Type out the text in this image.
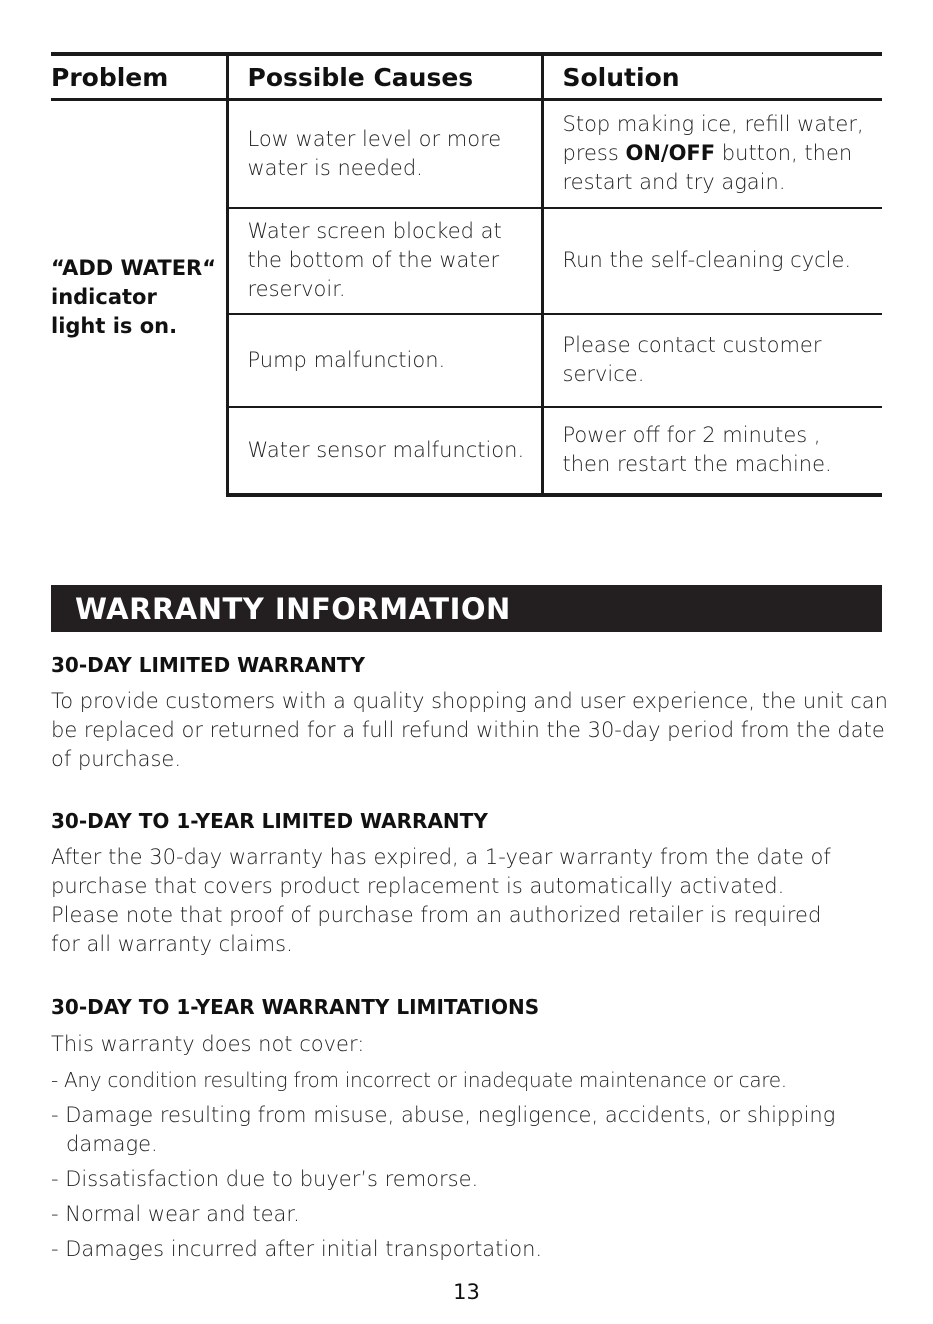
Problem	Possible Causes	Solution
“ADD WATER“ indicator light is on.	Low water level or more water is needed.	Stop making ice, refill water, press ON/OFF button, then restart and try again.
	Water screen blocked at the bottom of the water reservoir.	Run the self-cleaning cycle.
	Pump malfunction.	Please contact customer service.
	Water sensor malfunction.	Power off for 2 minutes , then restart the machine.
WARRANTY INFORMATION
30-DAY LIMITED WARRANTY
To provide customers with a quality shopping and user experience, the unit can be replaced or returned for a full refund within the 30-day period from the date of purchase.
30-DAY TO 1-YEAR LIMITED WARRANTY
After the 30-day warranty has expired, a 1-year warranty from the date of purchase that covers product replacement is automatically activated. Please note that proof of purchase from an authorized retailer is required for all warranty claims.
30-DAY TO 1-YEAR WARRANTY LIMITATIONS
This warranty does not cover:
- Any condition resulting from incorrect or inadequate maintenance or care.
- Damage resulting from misuse, abuse, negligence, accidents, or shipping damage.
- Dissatisfaction due to buyer’s remorse.
- Normal wear and tear.
- Damages incurred after initial transportation.
13
